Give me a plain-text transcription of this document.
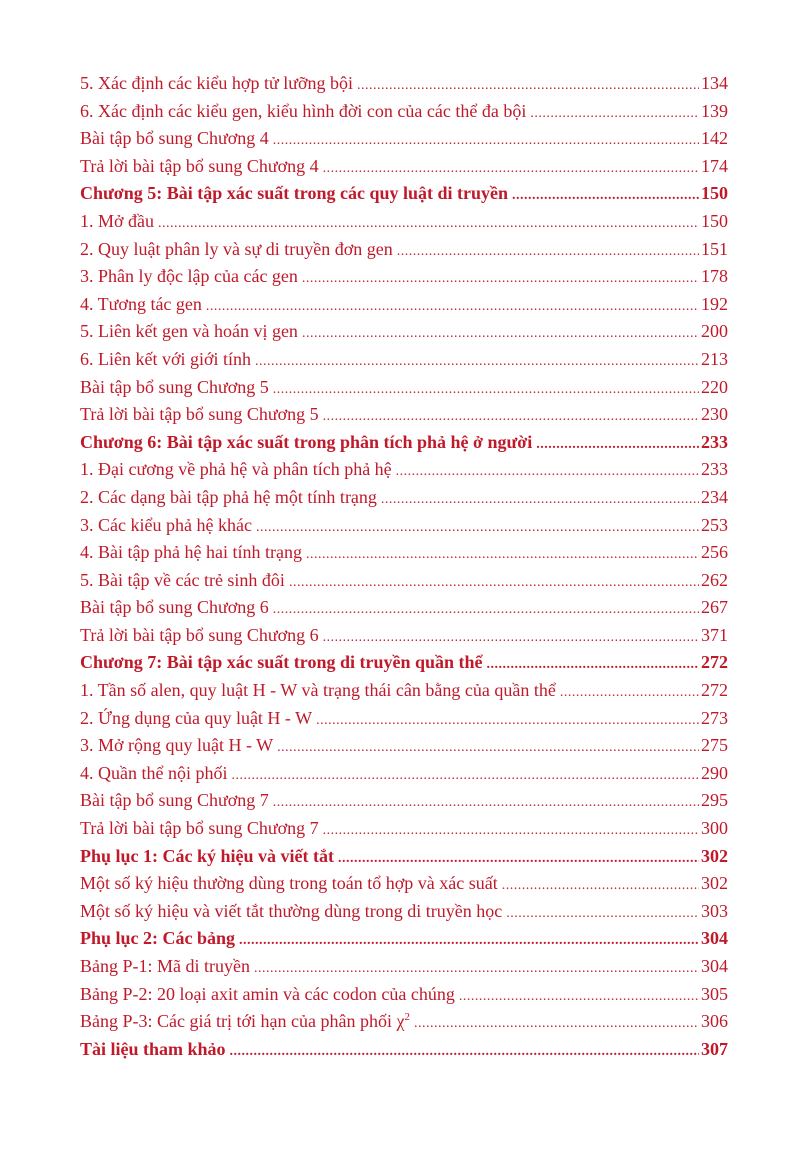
5. Xác định các kiểu hợp tử lưỡng bội .....	134
6. Xác định các kiểu gen, kiểu hình đời con của các thể đa bội .....	139
Bài tập bổ sung Chương 4 .....	142
Trả lời bài tập bổ sung Chương 4 .....	174
Chương 5: Bài tập xác suất trong các quy luật di truyền .....	150
1. Mở đầu .....	150
2. Quy luật phân ly và sự di truyền đơn gen .....	151
3. Phân ly độc lập của các gen .....	178
4. Tương tác gen .....	192
5. Liên kết gen và hoán vị gen .....	200
6. Liên kết với giới tính .....	213
Bài tập bổ sung Chương 5 .....	220
Trả lời bài tập bổ sung Chương 5 .....	230
Chương 6: Bài tập xác suất trong phân tích phả hệ ở người .....	233
1. Đại cương về phả hệ và phân tích phả hệ .....	233
2. Các dạng bài tập phả hệ một tính trạng .....	234
3. Các kiểu phả hệ khác .....	253
4. Bài tập phả hệ hai tính trạng .....	256
5. Bài tập về các trẻ sinh đôi .....	262
Bài tập bổ sung Chương 6 .....	267
Trả lời bài tập bổ sung Chương 6 .....	371
Chương 7: Bài tập xác suất trong di truyền quần thể .....	272
1. Tần số alen, quy luật H - W và trạng thái cân bằng của quần thể .....	272
2. Ứng dụng của quy luật H - W .....	273
3. Mở rộng quy luật H - W .....	275
4. Quần thể nội phối .....	290
Bài tập bổ sung Chương 7 .....	295
Trả lời bài tập bổ sung Chương 7 .....	300
Phụ lục 1: Các ký hiệu và viết tắt .....	302
Một số ký hiệu thường dùng trong toán tổ hợp và xác suất .....	302
Một số ký hiệu và viết tắt thường dùng trong di truyền học .....	303
Phụ lục 2: Các bảng .....	304
Bảng P-1: Mã di truyền .....	304
Bảng P-2: 20 loại axit amin và các codon của chúng .....	305
Bảng P-3: Các giá trị tới hạn của phân phối $\chi^2$ .....	306
Tài liệu tham khảo .....	307
